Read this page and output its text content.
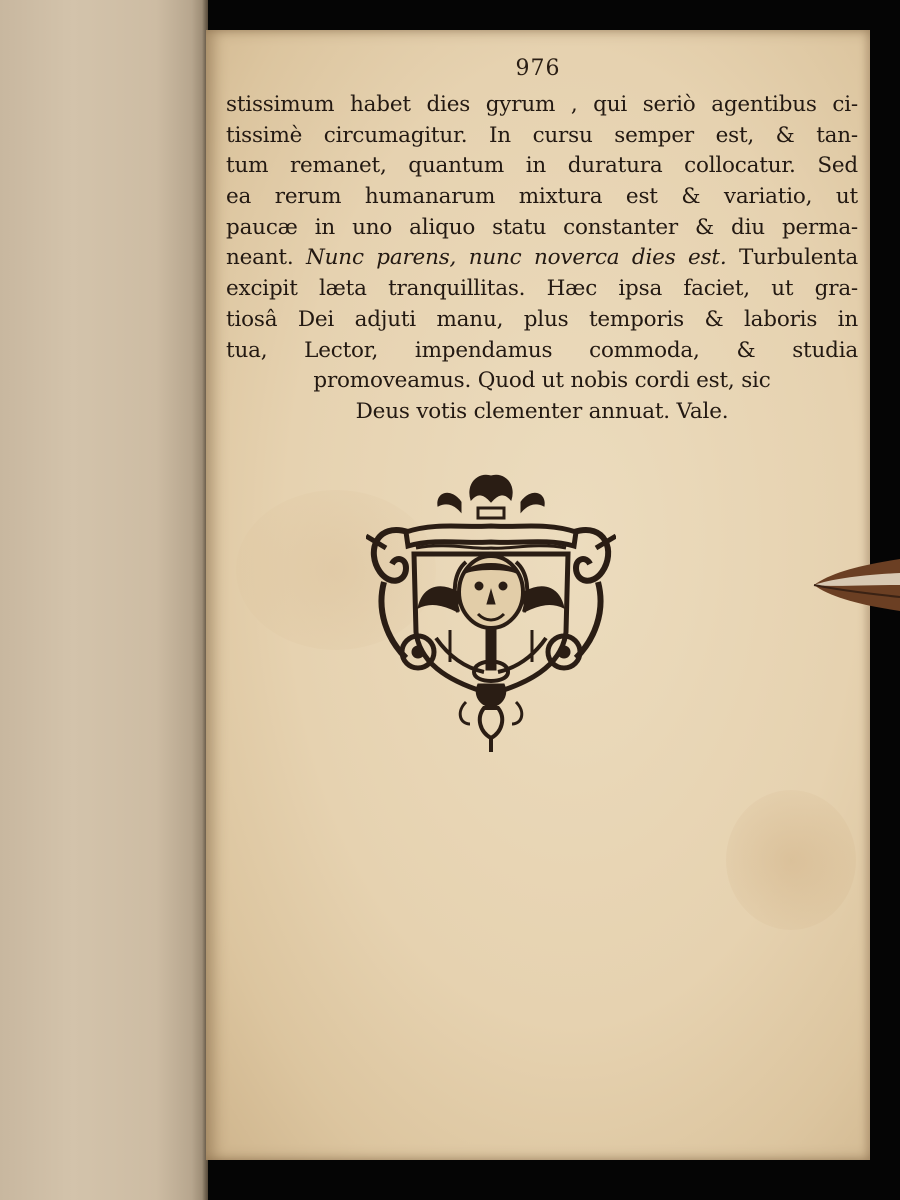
976
stissimum habet dies gyrum , qui seriò agentibus ci-
tissimè circumagitur. In cursu semper est, & tan-
tum remanet, quantum in duratura collocatur. Sed
ea rerum humanarum mixtura est & variatio, ut
paucæ in uno aliquo statu constanter & diu perma-
neant. Nunc parens, nunc noverca dies est. Turbulenta
excipit læta tranquillitas. Hæc ipsa faciet, ut gra-
tiosâ Dei adjuti manu, plus temporis & laboris in
tua, Lector, impendamus commoda, & studia
promoveamus. Quod ut nobis cordi est, sic
Deus votis clementer annuat. Vale.
